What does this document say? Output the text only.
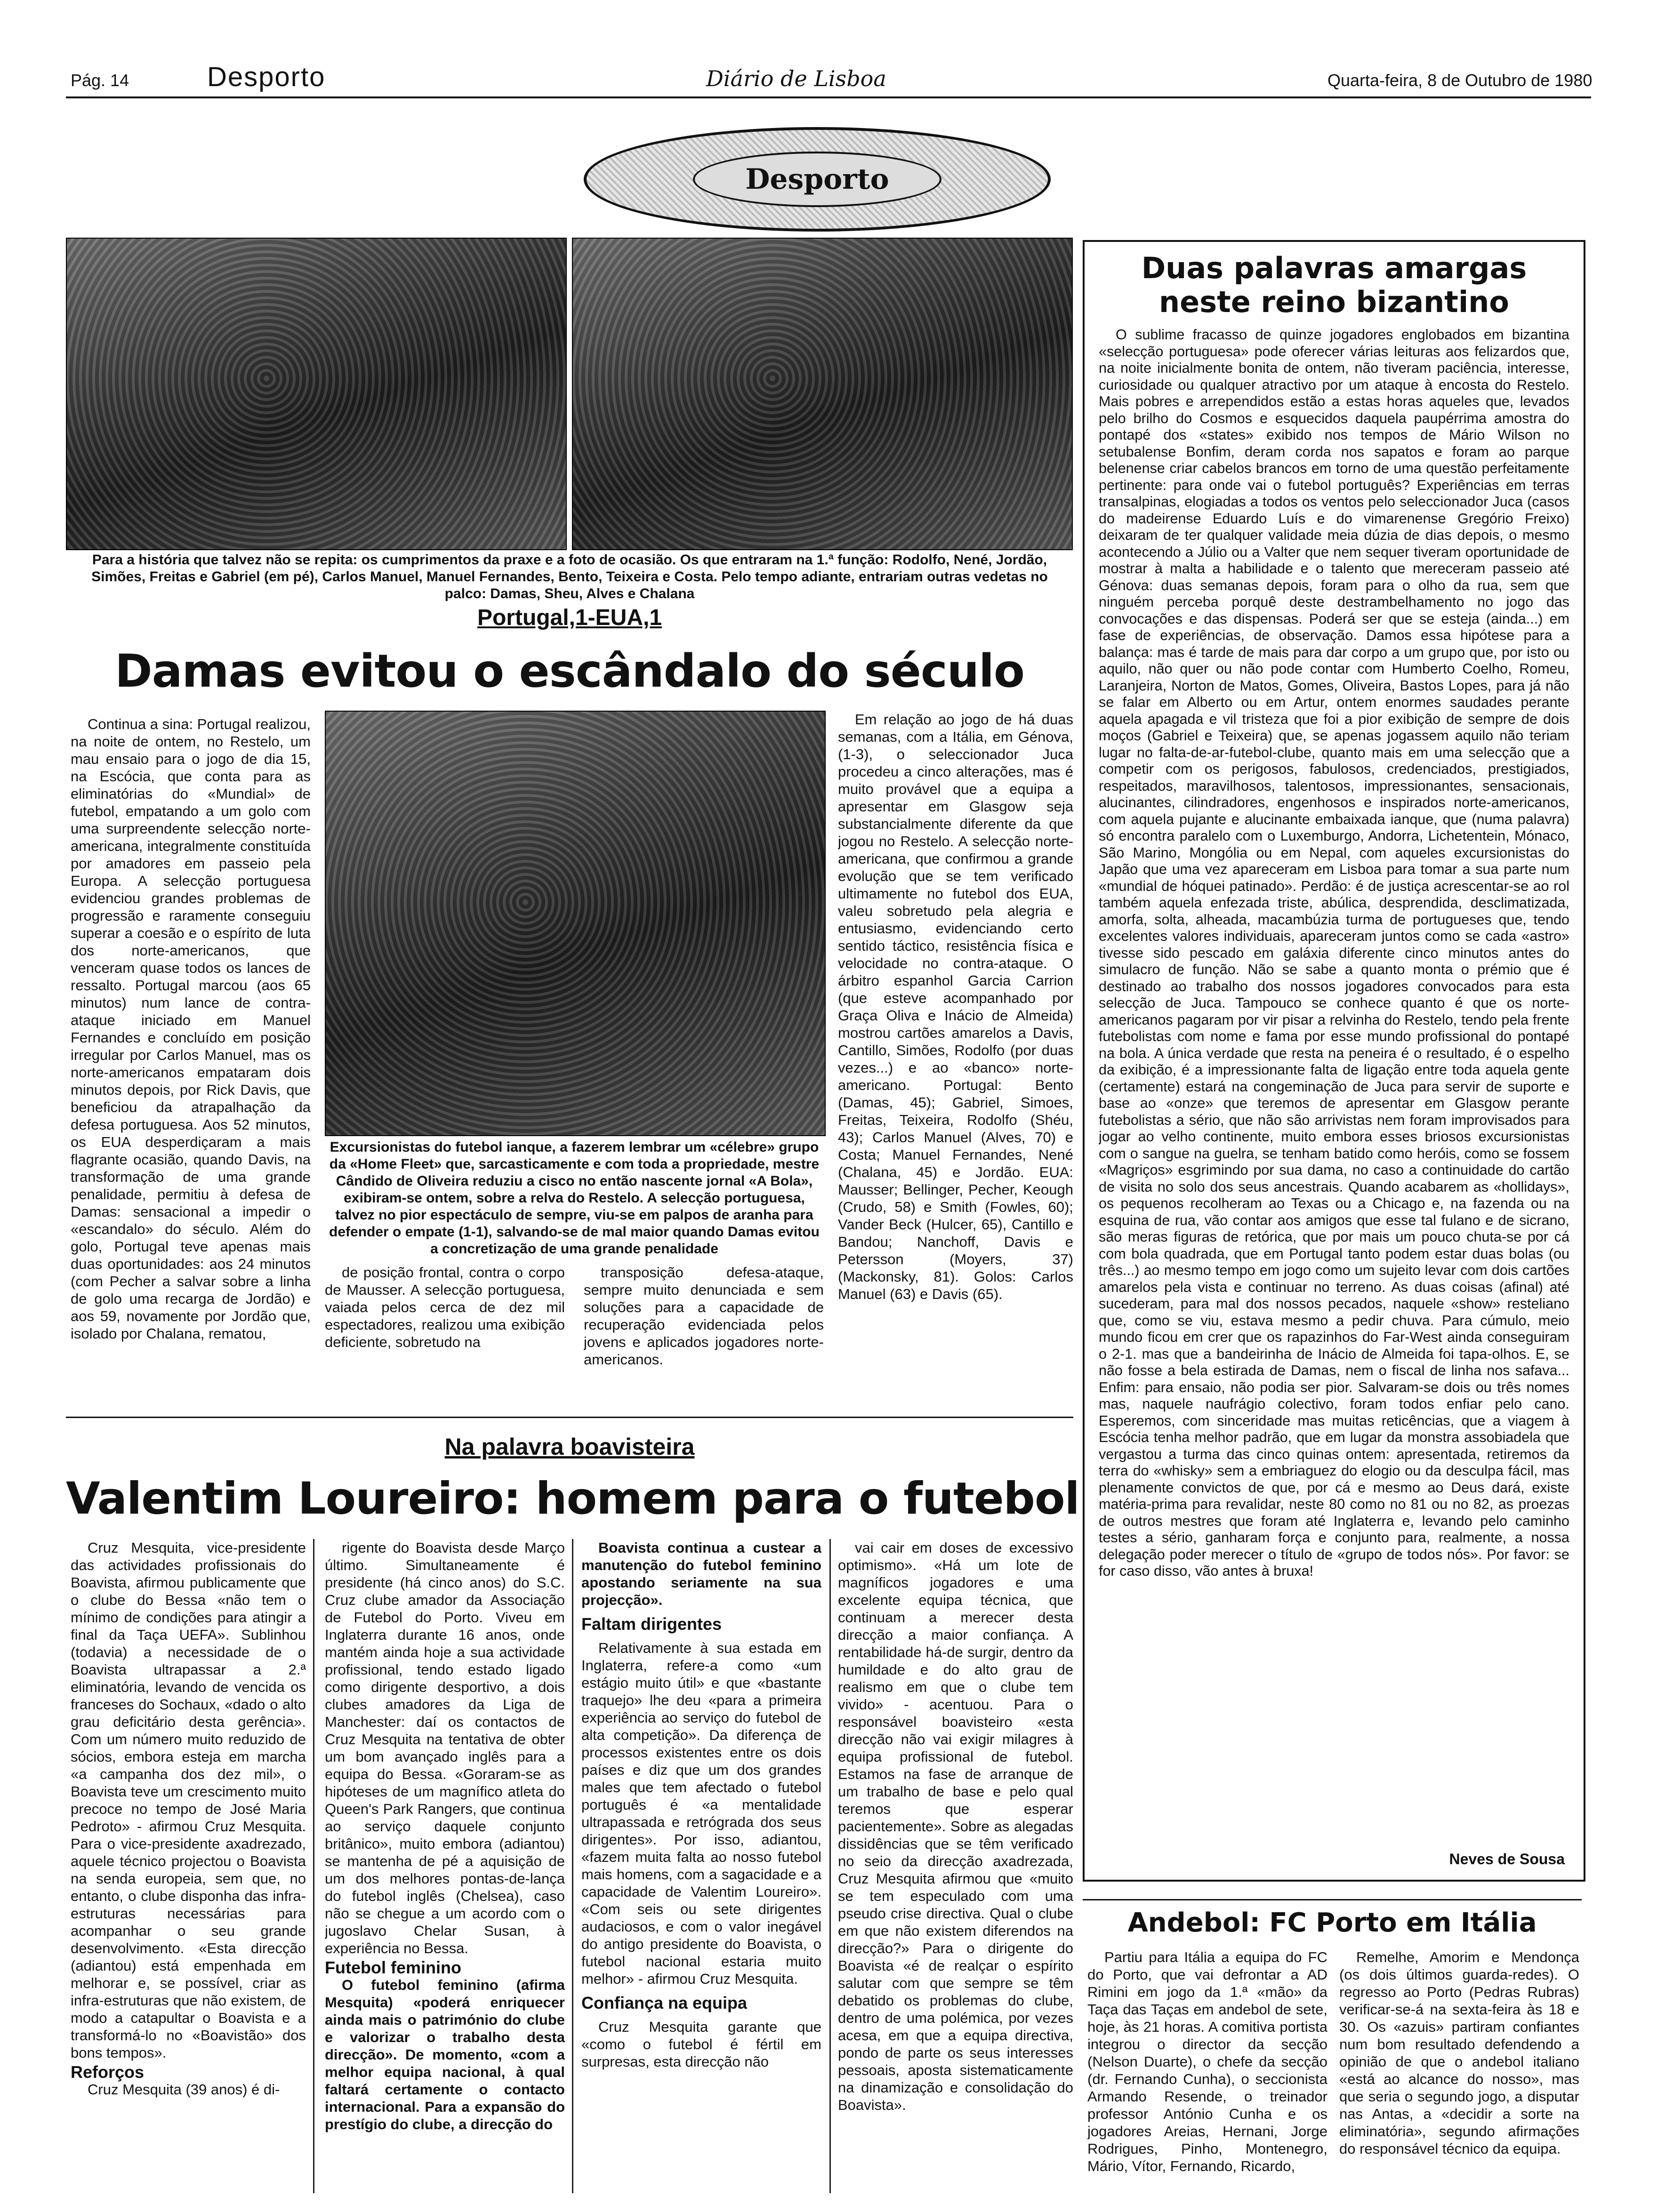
Pág. 14	Desporto	Diário de Lisboa	Quarta-feira, 8 de Outubro de 1980
Desporto
Para a história que talvez não se repita: os cumprimentos da praxe e a foto de ocasião. Os que entraram na 1.ª função: Rodolfo, Nené, Jordão, Simões, Freitas e Gabriel (em pé), Carlos Manuel, Manuel Fernandes, Bento, Teixeira e Costa. Pelo tempo adiante, entrariam outras vedetas no palco: Damas, Sheu, Alves e Chalana
Portugal,1-EUA,1
Damas evitou o escândalo do século

Continua a sina: Portugal realizou, na noite de ontem, no Restelo, um mau ensaio para o jogo de dia 15, na Escócia, que conta para as eliminatórias do «Mundial» de futebol, empatando a um golo com uma surpreendente selecção norte-americana, integralmente constituída por amadores em passeio pela Europa. A selecção portuguesa evidenciou grandes problemas de progressão e raramente conseguiu superar a coesão e o espírito de luta dos norte-americanos, que venceram quase todos os lances de ressalto. Portugal marcou (aos 65 minutos) num lance de contra-ataque iniciado em Manuel Fernandes e concluído em posição irregular por Carlos Manuel, mas os norte-americanos empataram dois minutos depois, por Rick Davis, que beneficiou da atrapalhação da defesa portuguesa. Aos 52 minutos, os EUA desperdiçaram a mais flagrante ocasião, quando Davis, na transformação de uma grande penalidade, permitiu à defesa de Damas: sensacional a impedir o «escandalo» do século. Além do golo, Portugal teve apenas mais duas oportunidades: aos 24 minutos (com Pecher a salvar sobre a linha de golo uma recarga de Jordão) e aos 59, novamente por Jordão que, isolado por Chalana, rematou,

Excursionistas do futebol ianque, a fazerem lembrar um «célebre» grupo da «Home Fleet» que, sarcasticamente e com toda a propriedade, mestre Cândido de Oliveira reduziu a cisco no então nascente jornal «A Bola», exibiram-se ontem, sobre a relva do Restelo. A selecção portuguesa, talvez no pior espectáculo de sempre, viu-se em palpos de aranha para defender o empate (1-1), salvando-se de mal maior quando Damas evitou a concretização de uma grande penalidade

de posição frontal, contra o corpo de Mausser. A selecção portuguesa, vaiada pelos cerca de dez mil espectadores, realizou uma exibição deficiente, sobretudo na

transposição defesa-ataque, sempre muito denunciada e sem soluções para a capacidade de recuperação evidenciada pelos jovens e aplicados jogadores norte-americanos.

Em relação ao jogo de há duas semanas, com a Itália, em Génova, (1-3), o seleccionador Juca procedeu a cinco alterações, mas é muito provável que a equipa a apresentar em Glasgow seja substancialmente diferente da que jogou no Restelo. A selecção norte-americana, que confirmou a grande evolução que se tem verificado ultimamente no futebol dos EUA, valeu sobretudo pela alegria e entusiasmo, evidenciando certo sentido táctico, resistência física e velocidade no contra-ataque. O árbitro espanhol Garcia Carrion (que esteve acompanhado por Graça Oliva e Inácio de Almeida) mostrou cartões amarelos a Davis, Cantillo, Simões, Rodolfo (por duas vezes...) e ao «banco» norte-americano. Portugal: Bento (Damas, 45); Gabriel, Simoes, Freitas, Teixeira, Rodolfo (Shéu, 43); Carlos Manuel (Alves, 70) e Costa; Manuel Fernandes, Nené (Chalana, 45) e Jordão. EUA: Mausser; Bellinger, Pecher, Keough (Crudo, 58) e Smith (Fowles, 60); Vander Beck (Hulcer, 65), Cantillo e Bandou; Nanchoff, Davis e Petersson (Moyers, 37) (Mackonsky, 81). Golos: Carlos Manuel (63) e Davis (65).

Duas palavras amargas neste reino bizantino

O sublime fracasso de quinze jogadores englobados em bizantina «selecção portuguesa» pode oferecer várias leituras aos felizardos que, na noite inicialmente bonita de ontem, não tiveram paciência, interesse, curiosidade ou qualquer atractivo por um ataque à encosta do Restelo. Mais pobres e arrependidos estão a estas horas aqueles que, levados pelo brilho do Cosmos e esquecidos daquela paupérrima amostra do pontapé dos «states» exibido nos tempos de Mário Wilson no setubalense Bonfim, deram corda nos sapatos e foram ao parque belenense criar cabelos brancos em torno de uma questão perfeitamente pertinente: para onde vai o futebol português? Experiências em terras transalpinas, elogiadas a todos os ventos pelo seleccionador Juca (casos do madeirense Eduardo Luís e do vimarenense Gregório Freixo) deixaram de ter qualquer validade meia dúzia de dias depois, o mesmo acontecendo a Júlio ou a Valter que nem sequer tiveram oportunidade de mostrar à malta a habilidade e o talento que mereceram passeio até Génova: duas semanas depois, foram para o olho da rua, sem que ninguém perceba porquê deste destrambelhamento no jogo das convocações e das dispensas. Poderá ser que se esteja (ainda...) em fase de experiências, de observação. Damos essa hipótese para a balança: mas é tarde de mais para dar corpo a um grupo que, por isto ou aquilo, não quer ou não pode contar com Humberto Coelho, Romeu, Laranjeira, Norton de Matos, Gomes, Oliveira, Bastos Lopes, para já não se falar em Alberto ou em Artur, ontem enormes saudades perante aquela apagada e vil tristeza que foi a pior exibição de sempre de dois moços (Gabriel e Teixeira) que, se apenas jogassem aquilo não teriam lugar no falta-de-ar-futebol-clube, quanto mais em uma selecção que a competir com os perigosos, fabulosos, credenciados, prestigiados, respeitados, maravilhosos, talentosos, impressionantes, sensacionais, alucinantes, cilindradores, engenhosos e inspirados norte-americanos, com aquela pujante e alucinante embaixada ianque, que (numa palavra) só encontra paralelo com o Luxemburgo, Andorra, Lichetentein, Mónaco, São Marino, Mongólia ou em Nepal, com aqueles excursionistas do Japão que uma vez apareceram em Lisboa para tomar a sua parte num «mundial de hóquei patinado». Perdão: é de justiça acrescentar-se ao rol também aquela enfezada triste, abúlica, desprendida, desclimatizada, amorfa, solta, alheada, macambúzia turma de portugueses que, tendo excelentes valores individuais, apareceram juntos como se cada «astro» tivesse sido pescado em galáxia diferente cinco minutos antes do simulacro de função. Não se sabe a quanto monta o prémio que é destinado ao trabalho dos nossos jogadores convocados para esta selecção de Juca. Tampouco se conhece quanto é que os norte-americanos pagaram por vir pisar a relvinha do Restelo, tendo pela frente futebolistas com nome e fama por esse mundo profissional do pontapé na bola. A única verdade que resta na peneira é o resultado, é o espelho da exibição, é a impressionante falta de ligação entre toda aquela gente (certamente) estará na congeminação de Juca para servir de suporte e base ao «onze» que teremos de apresentar em Glasgow perante futebolistas a sério, que não são arrivistas nem foram improvisados para jogar ao velho continente, muito embora esses briosos excursionistas com o sangue na guelra, se tenham batido como heróis, como se fossem «Magriços» esgrimindo por sua dama, no caso a continuidade do cartão de visita no solo dos seus ancestrais. Quando acabarem as «hollidays», os pequenos recolheram ao Texas ou a Chicago e, na fazenda ou na esquina de rua, vão contar aos amigos que esse tal fulano e de sicrano, são meras figuras de retórica, que por mais um pouco chuta-se por cá com bola quadrada, que em Portugal tanto podem estar duas bolas (ou três...) ao mesmo tempo em jogo como um sujeito levar com dois cartões amarelos pela vista e continuar no terreno. As duas coisas (afinal) até sucederam, para mal dos nossos pecados, naquele «show» restelianо que, como se viu, estava mesmo a pedir chuva. Para cúmulo, meio mundo ficou em crer que os rapazinhos do Far-West ainda conseguiram o 2-1. mas que a bandeirinha de Inácio de Almeida foi tapa-olhos. E, se não fosse a bela estirada de Damas, nem o fiscal de linha nos safava... Enfim: para ensaio, não podia ser pior. Salvaram-se dois ou três nomes mas, naquele naufrágio colectivo, foram todos enfiar pelo cano. Esperemos, com sinceridade mas muitas reticências, que a viagem à Escócia tenha melhor padrão, que em lugar da monstra assobiadela que vergastou a turma das cinco quinas ontem: apresentada, retiremos da terra do «whisky» sem a embriaguez do elogio ou da desculpa fácil, mas plenamente convictos de que, por cá e mesmo ao Deus dará, existe matéria-prima para revalidar, neste 80 como no 81 ou no 82, as proezas de outros mestres que foram até Inglaterra e, levando pelo caminho testes a sério, ganharam força e conjunto para, realmente, a nossa delegação poder merecer o título de «grupo de todos nós». Por favor: se for caso disso, vão antes à bruxa!

Neves de Sousa
Na palavra boavisteira
Valentim Loureiro: homem para o futebol

Cruz Mesquita, vice-presidente das actividades profissionais do Boavista, afirmou publicamente que o clube do Bessa «não tem o mínimo de condições para atingir a final da Taça UEFA». Sublinhou (todavia) a necessidade de o Boavista ultrapassar a 2.ª eliminatória, levando de vencida os franceses do Sochaux, «dado o alto grau deficitário desta gerência». Com um número muito reduzido de sócios, embora esteja em marcha «a campanha dos dez mil», o Boavista teve um crescimento muito precoce no tempo de José Maria Pedroto» - afirmou Cruz Mesquita. Para o vice-presidente axadrezado, aquele técnico projectou o Boavista na senda europeia, sem que, no entanto, o clube disponha das infra-estruturas necessárias para acompanhar o seu grande desenvolvimento. «Esta direcção (adiantou) está empenhada em melhorar e, se possível, criar as infra-estruturas que não existem, de modo a catapultar o Boavista e a transformá-lo no «Boavistão» dos bons tempos».

Reforços

Cruz Mesquita (39 anos) é di-

rigente do Boavista desde Março último. Simultaneamente é presidente (há cinco anos) do S.C. Cruz clube amador da Associação de Futebol do Porto. Viveu em Inglaterra durante 16 anos, onde mantém ainda hoje a sua actividade profissional, tendo estado ligado como dirigente desportivo, a dois clubes amadores da Liga de Manchester: daí os contactos de Cruz Mesquita na tentativa de obter um bom avançado inglês para a equipa do Bessa. «Goraram-se as hipóteses de um magnífico atleta do Queen's Park Rangers, que continua ao serviço daquele conjunto britânico», muito embora (adiantou) se mantenha de pé a aquisição de um dos melhores pontas-de-lança do futebol inglês (Chelsea), caso não se chegue a um acordo com o jugoslavo Chelar Susan, à experiência no Bessa.

Futebol feminino

O futebol feminino (afirma Mesquita) «poderá enriquecer ainda mais o património do clube e valorizar o trabalho desta direcção». De momento, «com a melhor equipa nacional, à qual faltará certamente o contacto internacional. Para a expansão do prestígio do clube, a direcção do

Boavista continua a custear a manutenção do futebol feminino apostando seriamente na sua projecção».

Faltam dirigentes

Relativamente à sua estada em Inglaterra, refere-a como «um estágio muito útil» e que «bastante traquejo» lhe deu «para a primeira experiência ao serviço do futebol de alta competição». Da diferença de processos existentes entre os dois países e diz que um dos grandes males que tem afectado o futebol português é «a mentalidade ultrapassada e retrógrada dos seus dirigentes». Por isso, adiantou, «fazem muita falta ao nosso futebol mais homens, com a sagacidade e a capacidade de Valentim Loureiro». «Com seis ou sete dirigentes audaciosos, e com o valor inegável do antigo presidente do Boavista, o futebol nacional estaria muito melhor» - afirmou Cruz Mesquita.

Confiança na equipa

Cruz Mesquita garante que «como o futebol é fértil em surpresas, esta direcção não

vai cair em doses de excessivo optimismo». «Há um lote de magníficos jogadores e uma excelente equipa técnica, que continuam a merecer desta direcção a maior confiança. A rentabilidade há-de surgir, dentro da humildade e do alto grau de realismo em que o clube tem vivido» - acentuou. Para o responsável boavisteiro «esta direcção não vai exigir milagres à equipa profissional de futebol. Estamos na fase de arranque de um trabalho de base e pelo qual teremos que esperar pacientemente». Sobre as alegadas dissidências que se têm verificado no seio da direcção axadrezada, Cruz Mesquita afirmou que «muito se tem especulado com uma pseudo crise directiva. Qual o clube em que não existem diferendos na direcção?» Para o dirigente do Boavista «é de realçar o espírito salutar com que sempre se têm debatido os problemas do clube, dentro de uma polémica, por vezes acesa, em que a equipa directiva, pondo de parte os seus interesses pessoais, aposta sistematicamente na dinamização e consolidação do Boavista».

Andebol: FC Porto em Itália

Partiu para Itália a equipa do FC do Porto, que vai defrontar a AD Rimini em jogo da 1.ª «mão» da Taça das Taças em andebol de sete, hoje, às 21 horas. A comitiva portista integrou o director da secção (Nelson Duarte), o chefe da secção (dr. Fernando Cunha), o seccionista Armando Resende, o treinador professor António Cunha e os jogadores Areias, Hernani, Jorge Rodrigues, Pinho, Montenegro, Mário, Vítor, Fernando, Ricardo,

Remelhe, Amorim e Mendonça (os dois últimos guarda-redes). O regresso ao Porto (Pedras Rubras) verificar-se-á na sexta-feira às 18 e 30. Os «azuis» partiram confiantes num bom resultado defendendo a opinião de que o andebol italiano «está ao alcance do nosso», mas que seria o segundo jogo, a disputar nas Antas, a «decidir a sorte na eliminatória», segundo afirmações do responsável técnico da equipa.
